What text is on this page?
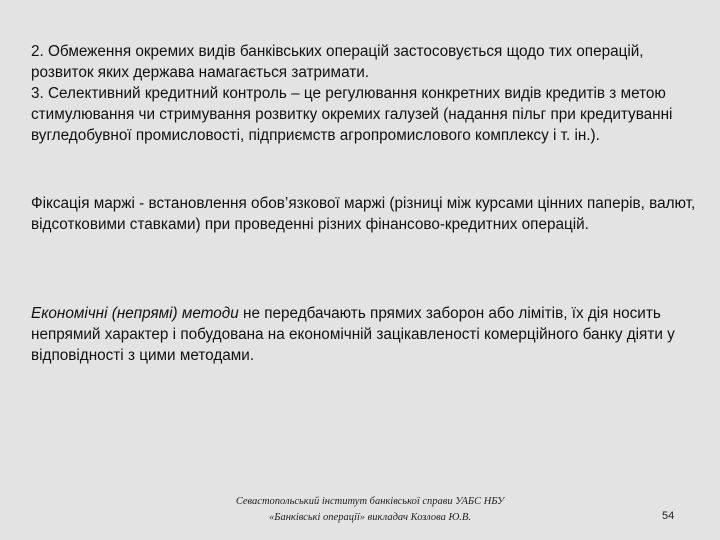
2. Обмеження окремих видів банківських операцій застосовується щодо тих операцій, розвиток яких держава намагається затримати.

3. Селективний кредитний контроль – це регулювання конкретних видів кредитів з метою стимулювання чи стримування розвитку окремих галузей (надання пільг при кредитуванні вугледобувної промисловості, підприємств агропромислового комплексу і т. ін.).

Фіксація маржі - встановлення обов’язкової маржі (різниці між курсами цінних паперів, валют, відсотковими ставками) при проведенні різних фінансово-кредитних операцій.

Економічні (непрямі) методи не передбачають прямих заборон або лімітів, їх дія носить непрямий характер і побудована на економічній зацікавленості комерційного банку діяти у відповідності з цими методами.

Севастопольський інститут банківської справи УАБС НБУ
«Банківські операції» викладач Козлова Ю.В.	54
